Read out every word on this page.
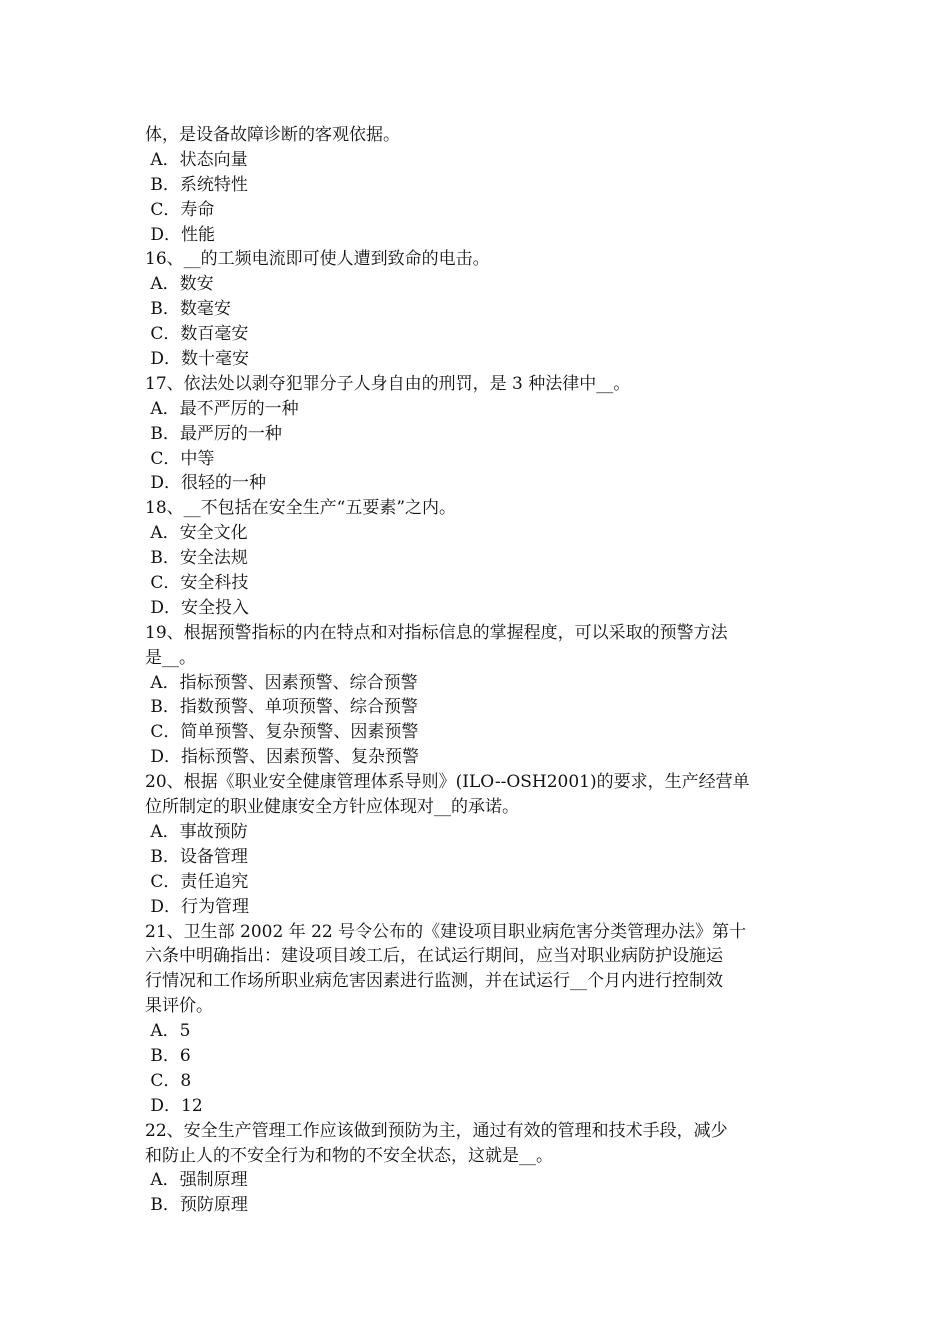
体，是设备故障诊断的客观依据。
A．状态向量
B．系统特性
C．寿命
D．性能
16、__的工频电流即可使人遭到致命的电击。
A．数安
B．数毫安
C．数百毫安
D．数十毫安
17、依法处以剥夺犯罪分子人身自由的刑罚，是 3 种法律中__。
A．最不严厉的一种
B．最严厉的一种
C．中等
D．很轻的一种
18、__不包括在安全生产“五要素”之内。
A．安全文化
B．安全法规
C．安全科技
D．安全投入
19、根据预警指标的内在特点和对指标信息的掌握程度，可以采取的预警方法
是__。
A．指标预警、因素预警、综合预警
B．指数预警、单项预警、综合预警
C．简单预警、复杂预警、因素预警
D．指标预警、因素预警、复杂预警
20、根据《职业安全健康管理体系导则》(ILO--OSH2001)的要求，生产经营单
位所制定的职业健康安全方针应体现对__的承诺。
A．事故预防
B．设备管理
C．责任追究
D．行为管理
21、卫生部 2002 年 22 号令公布的《建设项目职业病危害分类管理办法》第十
六条中明确指出：建设项目竣工后，在试运行期间，应当对职业病防护设施运
行情况和工作场所职业病危害因素进行监测，并在试运行__个月内进行控制效
果评价。
A．5
B．6
C．8
D．12
22、安全生产管理工作应该做到预防为主，通过有效的管理和技术手段，减少
和防止人的不安全行为和物的不安全状态，这就是__。
A．强制原理
B．预防原理
